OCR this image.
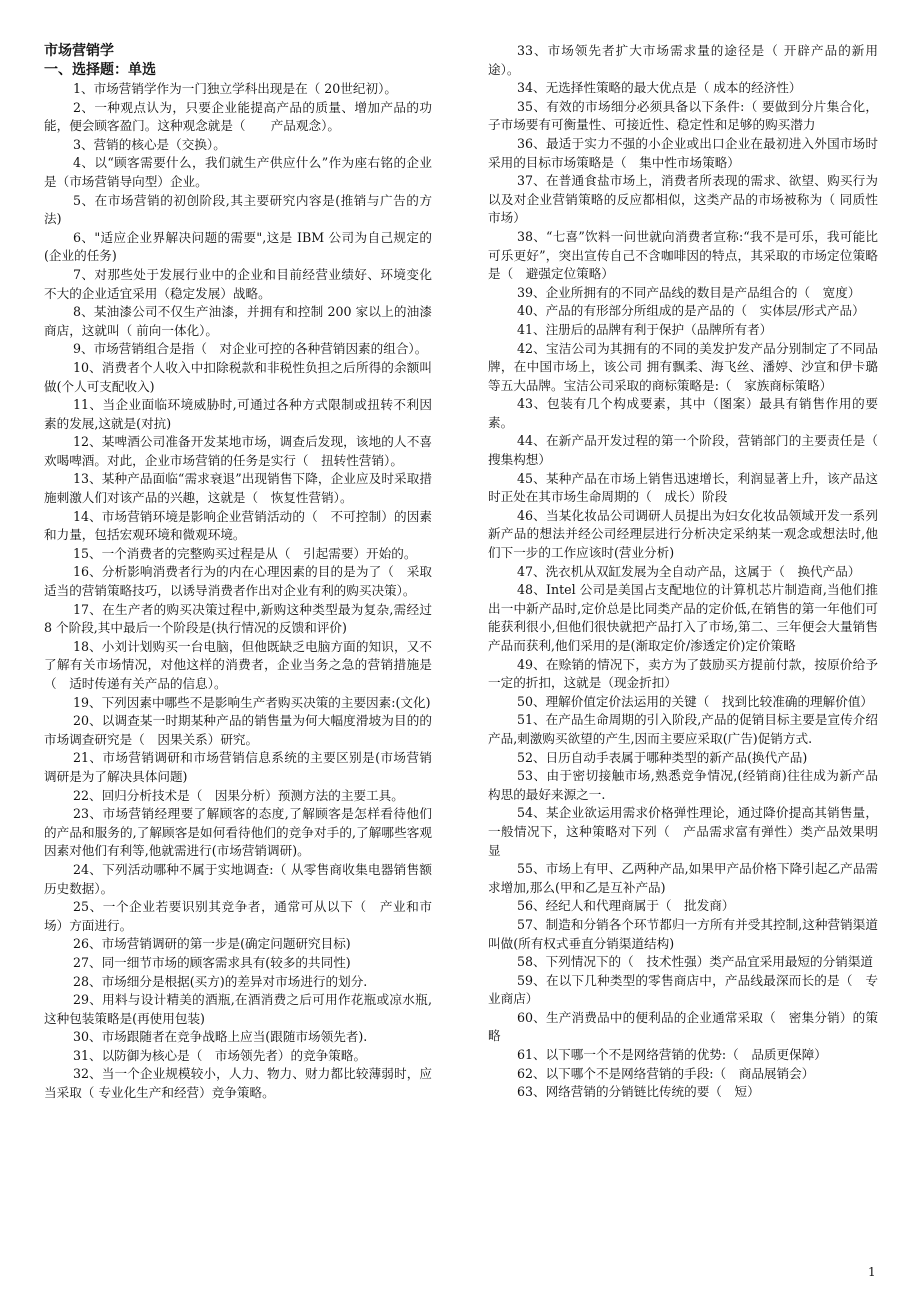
市场营销学
一、选择题：单选

1、市场营销学作为一门独立学科出现是在（ 20世纪初）。

2、一种观点认为，只要企业能提高产品的质量、增加产品的功能，便会顾客盈门。这种观念就是（　　产品观念）。

3、营销的核心是（交换）。

4、以“顾客需要什么，我们就生产供应什么”作为座右铭的企业是（市场营销导向型）企业。

5、在市场营销的初创阶段,其主要研究内容是(推销与广告的方法)

6、"适应企业界解决问题的需要",这是 IBM 公司为自己规定的(企业的任务)

7、对那些处于发展行业中的企业和目前经营业绩好、环境变化不大的企业适宜采用（稳定发展）战略。

8、某油漆公司不仅生产油漆，并拥有和控制 200 家以上的油漆商店，这就叫（ 前向一体化）。

9、市场营销组合是指（　对企业可控的各种营销因素的组合）。

10、消费者个人收入中扣除税款和非税性负担之后所得的余额叫做(个人可支配收入)

11、当企业面临环境威胁时,可通过各种方式限制或扭转不利因素的发展,这就是(对抗)

12、某啤酒公司准备开发某地市场，调查后发现，该地的人不喜欢喝啤酒。对此，企业市场营销的任务是实行（　扭转性营销）。

13、某种产品面临“需求衰退”出现销售下降，企业应及时采取措施刺激人们对该产品的兴趣，这就是（　恢复性营销）。

14、市场营销环境是影响企业营销活动的（　不可控制）的因素和力量，包括宏观环境和微观环境。

15、一个消费者的完整购买过程是从（　引起需要）开始的。

16、分析影响消费者行为的内在心理因素的目的是为了（　采取适当的营销策略技巧，以诱导消费者作出对企业有利的购买决策）。

17、在生产者的购买决策过程中,新购这种类型最为复杂,需经过 8 个阶段,其中最后一个阶段是(执行情况的反馈和评价)

18、小刘计划购买一台电脑，但他既缺乏电脑方面的知识，又不了解有关市场情况，对他这样的消费者，企业当务之急的营销措施是（　适时传递有关产品的信息）。

19、下列因素中哪些不是影响生产者购买决策的主要因素:(文化)

20、以调查某一时期某种产品的销售量为何大幅度滑坡为目的的 市场调查研究是（　因果关系）研究。

21、市场营销调研和市场营销信息系统的主要区别是(市场营销调研是为了解决具体问题)

22、回归分析技术是（　因果分析）预测方法的主要工具。

23、市场营销经理要了解顾客的态度,了解顾客是怎样看待他们的产品和服务的,了解顾客是如何看待他们的竞争对手的,了解哪些客观因素对他们有利等,他就需进行(市场营销调研)。

24、下列活动哪种不属于实地调查:（ 从零售商收集电器销售额历史数据）。

25、一个企业若要识别其竞争者，通常可从以下（　产业和市场）方面进行。

26、市场营销调研的第一步是(确定问题研究目标)

27、同一细节市场的顾客需求具有(较多的共同性)

28、市场细分是根据(买方)的差异对市场进行的划分.

29、用料与设计精美的酒瓶,在酒消费之后可用作花瓶或凉水瓶,这种包装策略是(再使用包装)

30、市场跟随者在竞争战略上应当(跟随市场领先者).

31、以防御为核心是（　市场领先者）的竞争策略。

32、当一个企业规模较小，人力、物力、财力都比较薄弱时，应当采取（ 专业化生产和经营）竞争策略。

33、市场领先者扩大市场需求量的途径是（ 开辟产品的新用途）。

34、无选择性策略的最大优点是（ 成本的经济性）

35、有效的市场细分必须具备以下条件:（ 要做到分片集合化，子市场要有可衡量性、可接近性、稳定性和足够的购买潜力

36、最适于实力不强的小企业或出口企业在最初进入外国市场时采用的目标市场策略是（　集中性市场策略）

37、在普通食盐市场上，消费者所表现的需求、欲望、购买行为以及对企业营销策略的反应都相似，这类产品的市场被称为（ 同质性市场）

38、“七喜”饮料一问世就向消费者宣称:“我不是可乐，我可能比可乐更好”，突出宣传自己不含咖啡因的特点，其采取的市场定位策略是（　避强定位策略）

39、企业所拥有的不同产品线的数目是产品组合的（　宽度）

40、产品的有形部分所组成的是产品的（　实体层/形式产品）

41、注册后的品牌有利于保护（品牌所有者）

42、宝洁公司为其拥有的不同的美发护发产品分别制定了不同品牌，在中国市场上，该公司 拥有飘柔、海飞丝、潘婷、沙宣和伊卡璐等五大品牌。宝洁公司采取的商标策略是:（　家族商标策略）

43、包装有几个构成要素，其中（图案）最具有销售作用的要素。

44、在新产品开发过程的第一个阶段，营销部门的主要责任是（　搜集构想）

45、某种产品在市场上销售迅速增长，利润显著上升，该产品这时正处在其市场生命周期的（　成长）阶段

46、当某化妆品公司调研人员提出为妇女化妆品领域开发一系列新产品的想法并经公司经理层进行分析决定采纳某一观念或想法时,他们下一步的工作应该时(营业分析)

47、洗衣机从双缸发展为全自动产品，这属于（　换代产品）

48、Intel 公司是美国占支配地位的计算机芯片制造商,当他们推出一中新产品时,定价总是比同类产品的定价低,在销售的第一年他们可能获利很小,但他们很快就把产品打入了市场,第二、三年便会大量销售产品而获利,他们采用的是(渐取定价/渗透定价)定价策略

49、在赊销的情况下，卖方为了鼓励买方提前付款，按原价给予一定的折扣，这就是（现金折扣）

50、理解价值定价法运用的关键（　找到比较准确的理解价值）

51、在产品生命周期的引入阶段,产品的促销目标主要是宣传介绍产品,刺激购买欲望的产生,因而主要应采取(广告)促销方式.

52、日历自动手表属于哪种类型的新产品(换代产品)

53、由于密切接触市场,熟悉竞争情况,(经销商)往往成为新产品构思的最好来源之一.

54、某企业欲运用需求价格弹性理论，通过降价提高其销售量，一般情况下，这种策略对下列（　产品需求富有弹性）类产品效果明显

55、市场上有甲、乙两种产品,如果甲产品价格下降引起乙产品需求增加,那么(甲和乙是互补产品)

56、经纪人和代理商属于（　批发商）

57、制造和分销各个环节都归一方所有并受其控制,这种营销渠道叫做(所有权式垂直分销渠道结构)

58、下列情况下的（　技术性强）类产品宜采用最短的分销渠道

59、在以下几种类型的零售商店中，产品线最深而长的是（　专业商店）

60、生产消费品中的便利品的企业通常采取（　密集分销）的策略

61、以下哪一个不是网络营销的优势:（　品质更保障）

62、以下哪个不是网络营销的手段:（　商品展销会）

63、网络营销的分销链比传统的要（　短）

1
